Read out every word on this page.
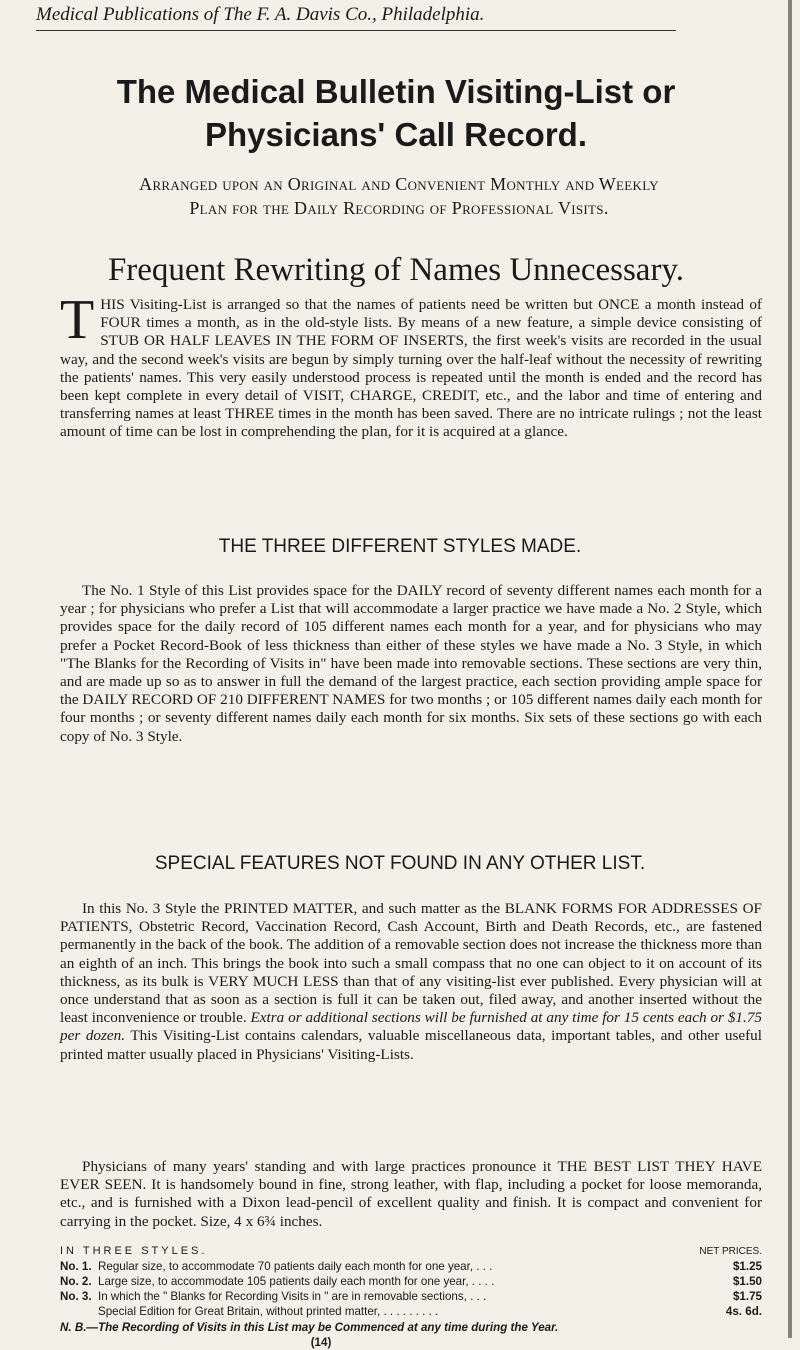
Medical Publications of The F. A. Davis Co., Philadelphia.
The Medical Bulletin Visiting-List or
Physicians' Call Record.
Arranged upon an Original and Convenient Monthly and Weekly
Plan for the Daily Recording of Professional Visits.
Frequent Rewriting of Names Unnecessary.
T HIS Visiting-List is arranged so that the names of patients need be written but ONCE a month instead of FOUR times a month, as in the old-style lists. By means of a new feature, a simple device consisting of STUB OR HALF LEAVES IN THE FORM OF INSERTS, the first week's visits are recorded in the usual way, and the second week's visits are begun by simply turning over the half-leaf without the necessity of rewriting the patients' names. This very easily understood process is repeated until the month is ended and the record has been kept complete in every detail of VISIT, CHARGE, CREDIT, etc., and the labor and time of entering and transferring names at least THREE times in the month has been saved. There are no intricate rulings ; not the least amount of time can be lost in comprehending the plan, for it is acquired at a glance.
THE THREE DIFFERENT STYLES MADE.
The No. 1 Style of this List provides space for the DAILY record of seventy different names each month for a year ; for physicians who prefer a List that will accommodate a larger practice we have made a No. 2 Style, which provides space for the daily record of 105 different names each month for a year, and for physicians who may prefer a Pocket Record-Book of less thickness than either of these styles we have made a No. 3 Style, in which "The Blanks for the Recording of Visits in" have been made into removable sections. These sections are very thin, and are made up so as to answer in full the demand of the largest practice, each section providing ample space for the DAILY RECORD OF 210 DIFFERENT NAMES for two months ; or 105 different names daily each month for four months ; or seventy different names daily each month for six months. Six sets of these sections go with each copy of No. 3 Style.
SPECIAL FEATURES NOT FOUND IN ANY OTHER LIST.
In this No. 3 Style the PRINTED MATTER, and such matter as the BLANK FORMS FOR ADDRESSES OF PATIENTS, Obstetric Record, Vaccination Record, Cash Account, Birth and Death Records, etc., are fastened permanently in the back of the book. The addition of a removable section does not increase the thickness more than an eighth of an inch. This brings the book into such a small compass that no one can object to it on account of its thickness, as its bulk is VERY MUCH LESS than that of any visiting-list ever published. Every physician will at once understand that as soon as a section is full it can be taken out, filed away, and another inserted without the least inconvenience or trouble. Extra or additional sections will be furnished at any time for 15 cents each or $1.75 per dozen. This Visiting-List contains calendars, valuable miscellaneous data, important tables, and other useful printed matter usually placed in Physicians' Visiting-Lists.
Physicians of many years' standing and with large practices pronounce it THE BEST LIST THEY HAVE EVER SEEN. It is handsomely bound in fine, strong leather, with flap, including a pocket for loose memoranda, etc., and is furnished with a Dixon lead-pencil of excellent quality and finish. It is compact and convenient for carrying in the pocket. Size, 4 x 6¾ inches.
IN THREE STYLES.	NET PRICES.
No. 1. Regular size, to accommodate 70 patients daily each month for one year, . . .	$1.25
No. 2. Large size, to accommodate 105 patients daily each month for one year, . . . .	$1.50
No. 3. In which the " Blanks for Recording Visits in " are in removable sections, . . .	$1.75
Special Edition for Great Britain, without printed matter, . . . . . . . . .	4s. 6d.
N. B.—The Recording of Visits in this List may be Commenced at any time during the Year.
(14)
